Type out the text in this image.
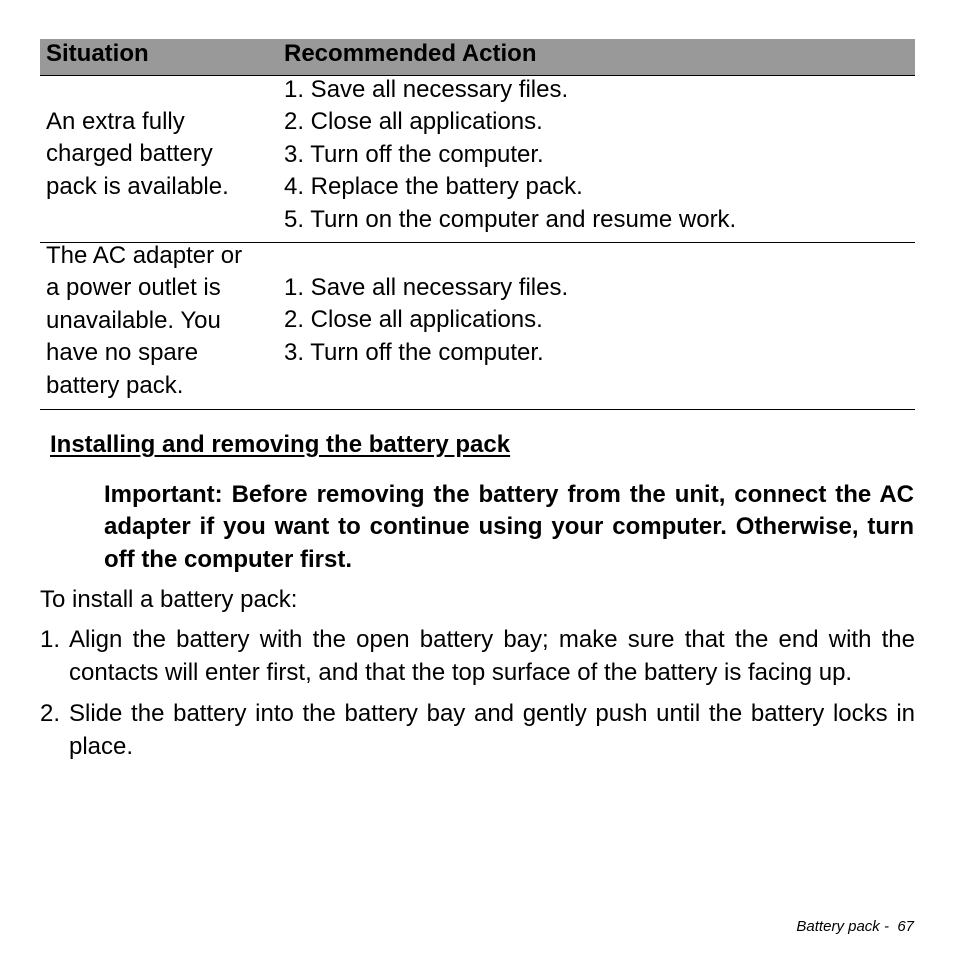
Situation	Recommended Action
An extra fully
charged battery
pack is available.
1. Save all necessary files.
2. Close all applications.
3. Turn off the computer.
4. Replace the battery pack.
5. Turn on the computer and resume work.
The AC adapter or
a power outlet is
unavailable. You
have no spare
battery pack.
1. Save all necessary files.
2. Close all applications.
3. Turn off the computer.
Installing and removing the battery pack
Important: Before removing the battery from the unit, connect the AC adapter if you want to continue using your computer. Otherwise, turn off the computer first.
To install a battery pack:
1. Align the battery with the open battery bay; make sure that the end with the contacts will enter first, and that the top surface of the battery is facing up.
2. Slide the battery into the battery bay and gently push until the battery locks in place.
Battery pack - 67
